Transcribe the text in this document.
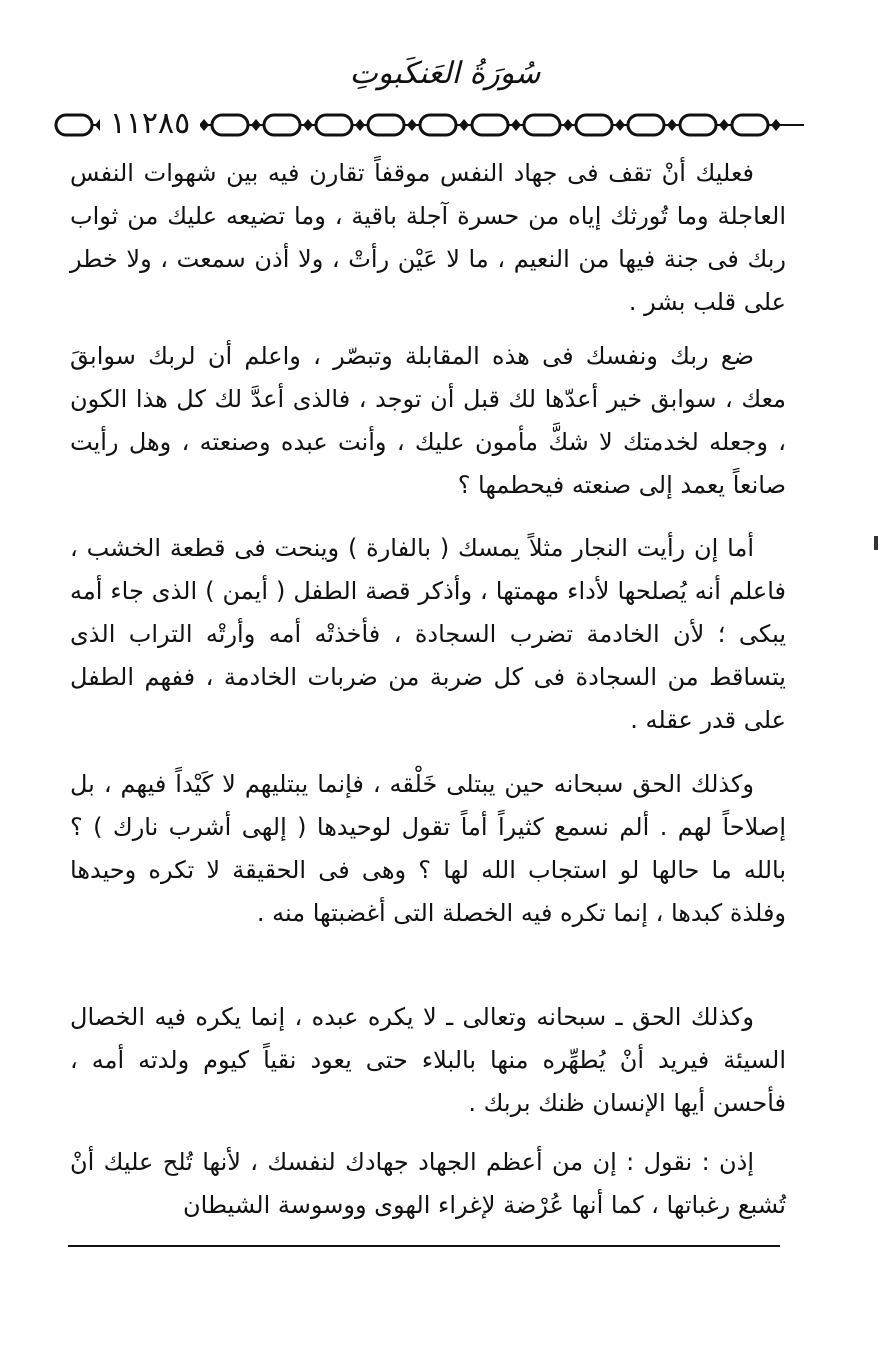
سُورَةُ العَنكَبوتِ
١١٢٨٥

فعليك أنْ تقف فى جهاد النفس موقفاً تقارن فيه بين شهوات النفس العاجلة وما تُورثك إياه من حسرة آجلة باقية ، وما تضيعه عليك من ثواب ربك فى جنة فيها من النعيم ، ما لا عَيْن رأتْ ، ولا أذن سمعت ، ولا خطر على قلب بشر .

ضع ربك ونفسك فى هذه المقابلة وتبصّر ، واعلم أن لربك سوابقَ معك ، سوابق خير أعدّها لك قبل أن توجد ، فالذى أعدَّ لك كل هذا الكون ، وجعله لخدمتك لا شكَّ مأمون عليك ، وأنت عبده وصنعته ، وهل رأيت صانعاً يعمد إلى صنعته فيحطمها ؟

أما إن رأيت النجار مثلاً يمسك ( بالفارة ) وينحت فى قطعة الخشب ، فاعلم أنه يُصلحها لأداء مهمتها ، وأذكر قصة الطفل ( أيمن ) الذى جاء أمه يبكى ؛ لأن الخادمة تضرب السجادة ، فأخذتْه أمه وأرتْه التراب الذى يتساقط من السجادة فى كل ضربة من ضربات الخادمة ، ففهم الطفل على قدر عقله .

وكذلك الحق سبحانه حين يبتلى خَلْقه ، فإنما يبتليهم لا كَيْداً فيهم ، بل إصلاحاً لهم . ألم نسمع كثيراً أماً تقول لوحيدها ( إلهى أشرب نارك ) ؟ بالله ما حالها لو استجاب الله لها ؟ وهى فى الحقيقة لا تكره وحيدها وفلذة كبدها ، إنما تكره فيه الخصلة التى أغضبتها منه .

وكذلك الحق ـ سبحانه وتعالى ـ لا يكره عبده ، إنما يكره فيه الخصال السيئة فيريد أنْ يُطهِّره منها بالبلاء حتى يعود نقياً كيوم ولدته أمه ، فأحسن أيها الإنسان ظنك بربك .

إذن : نقول : إن من أعظم الجهاد جهادك لنفسك ، لأنها تُلح عليك أنْ تُشبع رغباتها ، كما أنها عُرْضة لإغراء الهوى ووسوسة الشيطان
